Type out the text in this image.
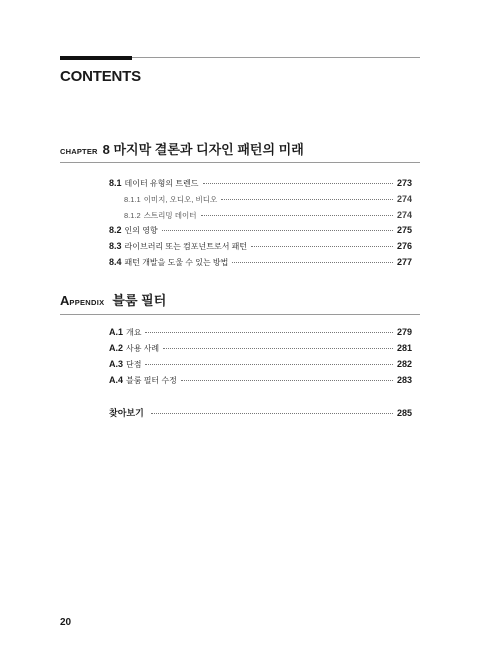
CONTENTS
CHAPTER 8 마지막 결론과 디자인 패턴의 미래
8.1 데이터 유형의 트렌드	273
8.1.1 이미지, 오디오, 비디오	274
8.1.2 스트리밍 데이터	274
8.2 인의 영향	275
8.3 라이브러리 또는 컴포넌트로서 패턴	276
8.4 패턴 개발을 도울 수 있는 방법	277
APPENDIX 블룸 필터
A.1 개요	279
A.2 사용 사례	281
A.3 단점	282
A.4 블룸 필터 수정	283
찾아보기	285
20
